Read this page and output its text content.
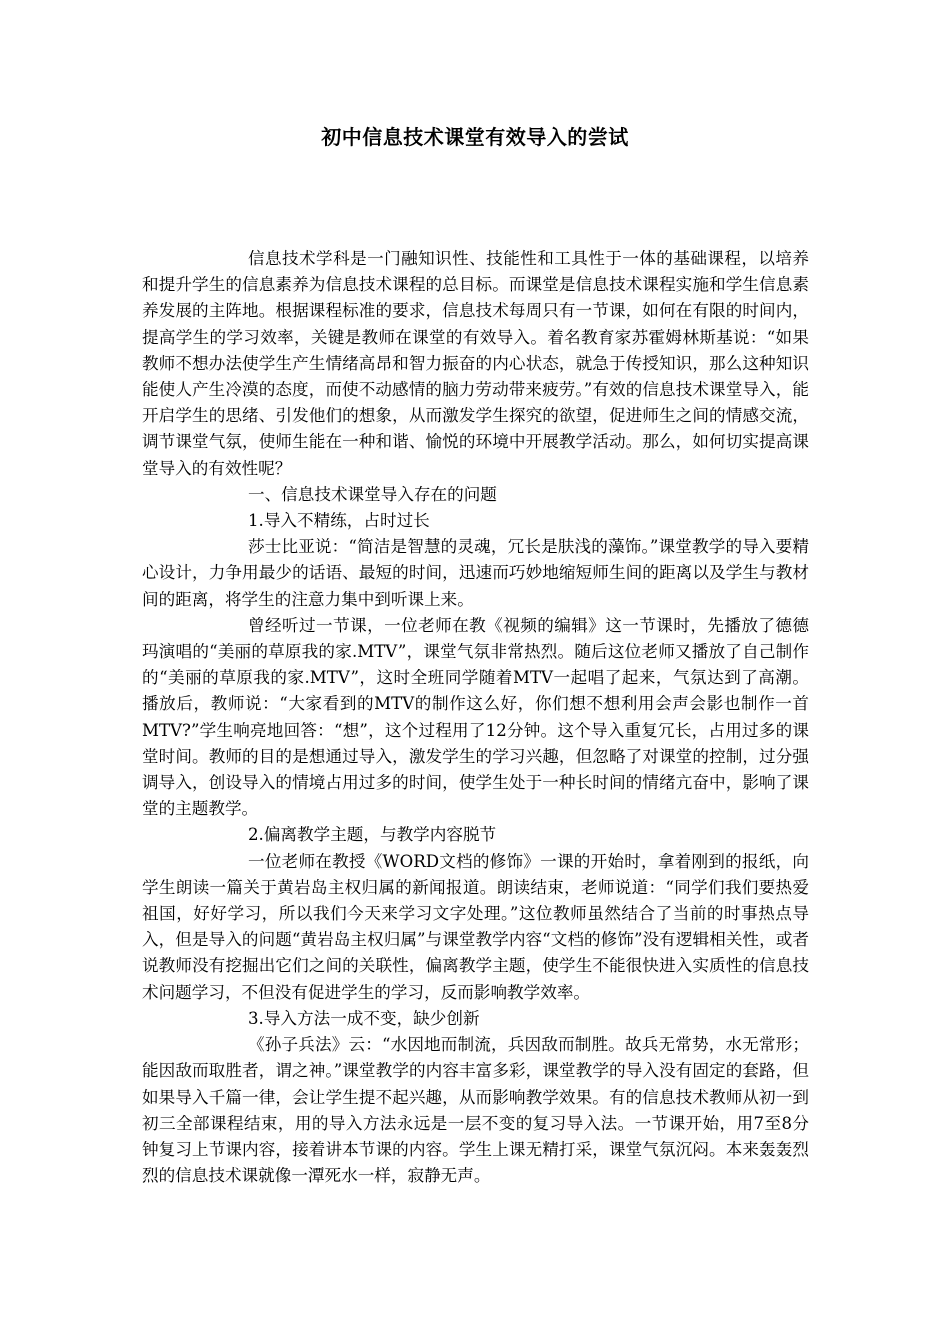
初中信息技术课堂有效导入的尝试

信息技术学科是一门融知识性、技能性和工具性于一体的基础课程，以培养和提升学生的信息素养为信息技术课程的总目标。而课堂是信息技术课程实施和学生信息素养发展的主阵地。根据课程标准的要求，信息技术每周只有一节课，如何在有限的时间内，提高学生的学习效率，关键是教师在课堂的有效导入。着名教育家苏霍姆林斯基说：“如果教师不想办法使学生产生情绪高昂和智力振奋的内心状态，就急于传授知识，那么这种知识能使人产生冷漠的态度，而使不动感情的脑力劳动带来疲劳。”有效的信息技术课堂导入，能开启学生的思绪、引发他们的想象，从而激发学生探究的欲望，促进师生之间的情感交流，调节课堂气氛，使师生能在一种和谐、愉悦的环境中开展教学活动。那么，如何切实提高课堂导入的有效性呢？

一、信息技术课堂导入存在的问题

1.导入不精练，占时过长

莎士比亚说：“简洁是智慧的灵魂，冗长是肤浅的藻饰。”课堂教学的导入要精心设计，力争用最少的话语、最短的时间，迅速而巧妙地缩短师生间的距离以及学生与教材间的距离，将学生的注意力集中到听课上来。

曾经听过一节课，一位老师在教《视频的编辑》这一节课时，先播放了德德玛演唱的“美丽的草原我的家.MTV”，课堂气氛非常热烈。随后这位老师又播放了自己制作的“美丽的草原我的家.MTV”，这时全班同学随着MTV一起唱了起来，气氛达到了高潮。播放后，教师说：“大家看到的MTV的制作这么好，你们想不想利用会声会影也制作一首MTV?”学生响亮地回答：“想”，这个过程用了12分钟。这个导入重复冗长，占用过多的课堂时间。教师的目的是想通过导入，激发学生的学习兴趣，但忽略了对课堂的控制，过分强调导入，创设导入的情境占用过多的时间，使学生处于一种长时间的情绪亢奋中，影响了课堂的主题教学。

2.偏离教学主题，与教学内容脱节

一位老师在教授《WORD文档的修饰》一课的开始时，拿着刚到的报纸，向学生朗读一篇关于黄岩岛主权归属的新闻报道。朗读结束，老师说道：“同学们我们要热爱祖国，好好学习，所以我们今天来学习文字处理。”这位教师虽然结合了当前的时事热点导入，但是导入的问题“黄岩岛主权归属”与课堂教学内容“文档的修饰”没有逻辑相关性，或者说教师没有挖掘出它们之间的关联性，偏离教学主题，使学生不能很快进入实质性的信息技术问题学习，不但没有促进学生的学习，反而影响教学效率。

3.导入方法一成不变，缺少创新

《孙子兵法》云：“水因地而制流，兵因敌而制胜。故兵无常势，水无常形；能因敌而取胜者，谓之神。”课堂教学的内容丰富多彩，课堂教学的导入没有固定的套路，但如果导入千篇一律，会让学生提不起兴趣，从而影响教学效果。有的信息技术教师从初一到初三全部课程结束，用的导入方法永远是一层不变的复习导入法。一节课开始，用7至8分钟复习上节课内容，接着讲本节课的内容。学生上课无精打采，课堂气氛沉闷。本来轰轰烈烈的信息技术课就像一潭死水一样，寂静无声。
